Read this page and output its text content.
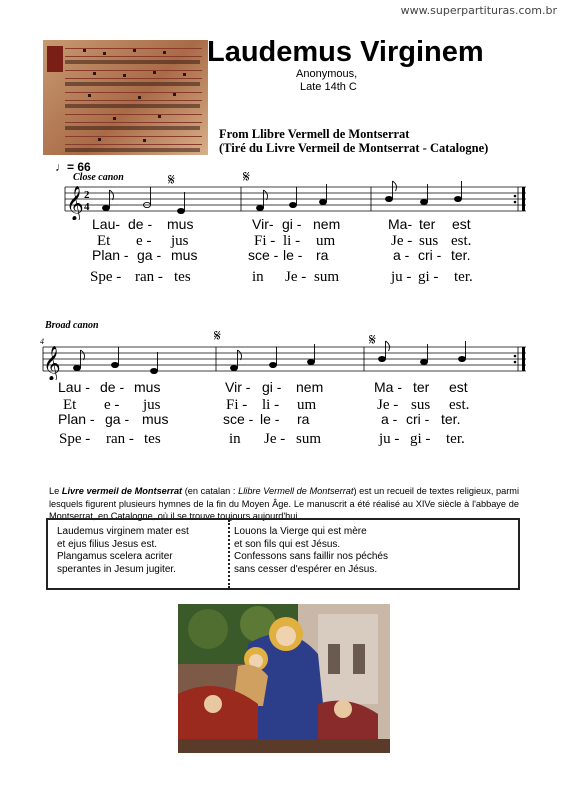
www.superpartituras.com.br
Laudemus Virginem
Anonymous,
Late 14th C
From Llibre Vermell de Montserrat
(Tiré du Livre Vermeil de Montserrat - Catalogne)
♩= 66
Close canon
𝄞 2
4
𝄋	𝄋
Lau- de - mus	Vir- gi - nem	Ma- ter est
Et e - jus	Fi - li - um	Je - sus est.
Plan - ga - mus	sce - le - ra	a - cri - ter.
Spe - ran - tes	in Je - sum	ju - gi - ter.
Broad canon
4
𝄞
𝄋	𝄋
Lau - de - mus	Vir - gi - nem	Ma - ter est
Et e - jus	Fi - li - um	Je - sus est.
Plan - ga - mus	sce - le - ra	a - cri - ter.
Spe - ran - tes	in Je - sum	ju - gi - ter.
Le Livre vermeil de Montserrat (en catalan : Llibre Vermell de Montserrat) est un recueil de textes religieux, parmi lesquels figurent plusieurs hymnes de la fin du Moyen Âge. Le manuscrit a été réalisé au XIVe siècle à l'abbaye de Montserrat, en Catalogne, où il se trouve toujours aujourd'hui.
Laudemus virginem mater est
et ejus filius Jesus est.
Plangamus scelera acriter
sperantes in Jesum jugiter.
Louons la Vierge qui est mère
et son fils qui est Jésus.
Confessons sans faillir nos péchés
sans cesser d'espérer en Jésus.
